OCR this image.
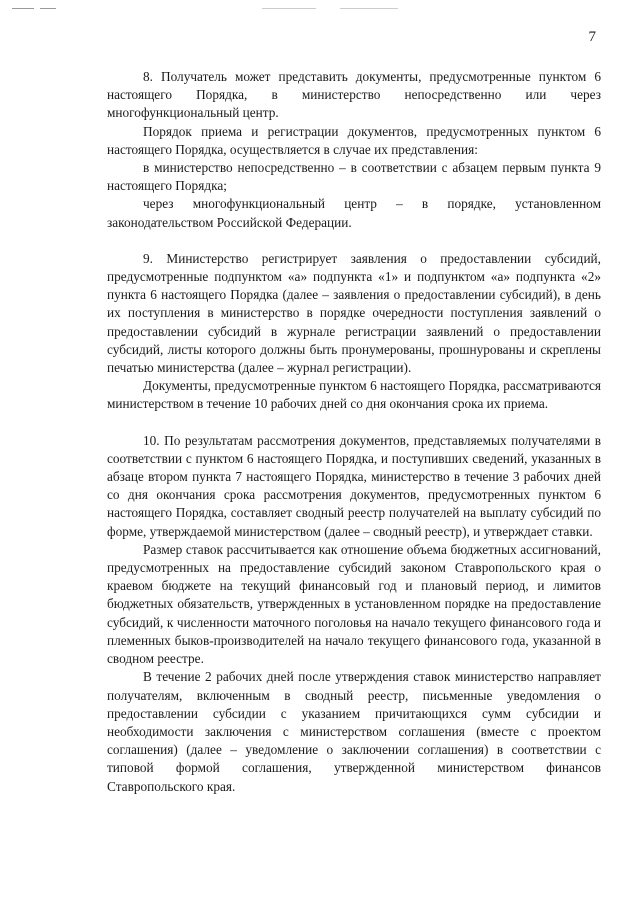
7

8. Получатель может представить документы, предусмотренные пунктом 6 настоящего Порядка, в министерство непосредственно или через многофункциональный центр.

Порядок приема и регистрации документов, предусмотренных пунктом 6 настоящего Порядка, осуществляется в случае их представления:

в министерство непосредственно – в соответствии с абзацем первым пункта 9 настоящего Порядка;

через многофункциональный центр – в порядке, установленном законодательством Российской Федерации.

9. Министерство регистрирует заявления о предоставлении субсидий, предусмотренные подпунктом «а» подпункта «1» и подпунктом «а» подпункта «2» пункта 6 настоящего Порядка (далее – заявления о предоставлении субсидий), в день их поступления в министерство в порядке очередности поступления заявлений о предоставлении субсидий в журнале регистрации заявлений о предоставлении субсидий, листы которого должны быть пронумерованы, прошнурованы и скреплены печатью министерства (далее – журнал регистрации).

Документы, предусмотренные пунктом 6 настоящего Порядка, рассматриваются министерством в течение 10 рабочих дней со дня окончания срока их приема.

10. По результатам рассмотрения документов, представляемых получателями в соответствии с пунктом 6 настоящего Порядка, и поступивших сведений, указанных в абзаце втором пункта 7 настоящего Порядка, министерство в течение 3 рабочих дней со дня окончания срока рассмотрения документов, предусмотренных пунктом 6 настоящего Порядка, составляет сводный реестр получателей на выплату субсидий по форме, утверждаемой министерством (далее – сводный реестр), и утверждает ставки.

Размер ставок рассчитывается как отношение объема бюджетных ассигнований, предусмотренных на предоставление субсидий законом Ставропольского края о краевом бюджете на текущий финансовый год и плановый период, и лимитов бюджетных обязательств, утвержденных в установленном порядке на предоставление субсидий, к численности маточного поголовья на начало текущего финансового года и племенных быков-производителей на начало текущего финансового года, указанной в сводном реестре.

В течение 2 рабочих дней после утверждения ставок министерство направляет получателям, включенным в сводный реестр, письменные уведомления о предоставлении субсидии с указанием причитающихся сумм субсидии и необходимости заключения с министерством соглашения (вместе с проектом соглашения) (далее – уведомление о заключении соглашения) в соответствии с типовой формой соглашения, утвержденной министерством финансов Ставропольского края.
